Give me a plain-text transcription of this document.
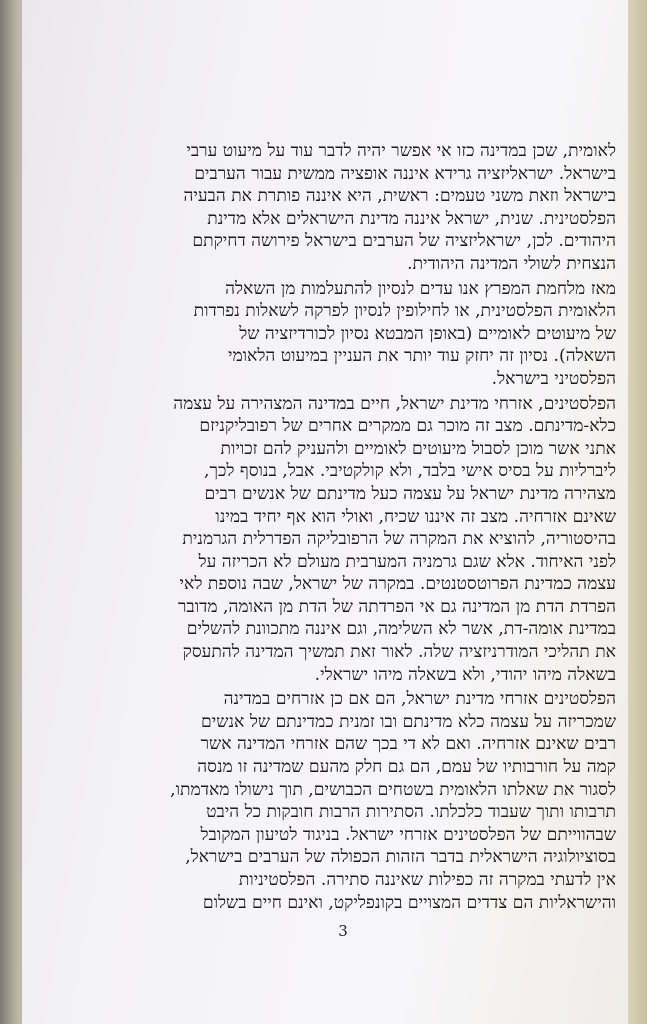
לאומית, שכן במדינה כזו אי אפשר יהיה לדבר עוד על מיעוט ערבי
בישראל. ישראליזציה גרידא איננה אופציה ממשית עבור הערבים
בישראל וזאת משני טעמים: ראשית, היא איננה פותרת את הבעיה
הפלסטינית. שנית, ישראל איננה מדינת הישראלים אלא מדינת
היהודים. לכן, ישראליזציה של הערבים בישראל פירושה דחיקתם
הנצחית לשולי המדינה היהודית.
מאז מלחמת המפרץ אנו עדים לנסיון להתעלמות מן השאלה
הלאומית הפלסטינית, או לחילופין לנסיון לפרקה לשאלות נפרדות
של מיעוטים לאומיים (באופן המבטא נסיון לכורדיזציה של
השאלה). נסיון זה יחזק עוד יותר את העניין במיעוט הלאומי
הפלסטיני בישראל.
הפלסטינים, אזרחי מדינת ישראל, חיים במדינה המצהירה על עצמה
כלא-מדינתם. מצב זה מוכר גם ממקרים אחרים של רפובליקניזם
אתני אשר מוכן לסבול מיעוטים לאומיים ולהעניק להם זכויות
ליברליות על בסיס אישי בלבד, ולא קולקטיבי. אבל, בנוסף לכך,
מצהירה מדינת ישראל על עצמה כעל מדינתם של אנשים רבים
שאינם אזרחיה. מצב זה איננו שכיח, ואולי הוא אף יחיד במינו
בהיסטוריה, להוציא את המקרה של הרפובליקה הפדרלית הגרמנית
לפני האיחוד. אלא שגם גרמניה המערבית מעולם לא הכריזה על
עצמה כמדינת הפרוטסטנטים. במקרה של ישראל, שבה נוספת לאי
הפרדת הדת מן המדינה גם אי הפרדתה של הדת מן האומה, מדובר
במדינת אומה-דת, אשר לא השלימה, וגם איננה מתכוונת להשלים
את תהליכי המודרניזציה שלה. לאור זאת תמשיך המדינה להתעסק
בשאלה מיהו יהודי, ולא בשאלה מיהו ישראלי.
הפלסטינים אזרחי מדינת ישראל, הם אם כן אזרחים במדינה
שמכריזה על עצמה כלא מדינתם ובו זמנית כמדינתם של אנשים
רבים שאינם אזרחיה. ואם לא די בכך שהם אזרחי המדינה אשר
קמה על חורבותיו של עמם, הם גם חלק מהעם שמדינה זו מנסה
לסגור את שאלתו הלאומית בשטחים הכבושים, תוך נישולו מאדמתו,
תרבותו ותוך שעבוד כלכלתו. הסתירות הרבות חובקות כל היבט
שבהווייתם של הפלסטינים אזרחי ישראל. בניגוד לטיעון המקובל
בסוציולוגיה הישראלית בדבר הזהות הכפולה של הערבים בישראל,
אין לדעתי במקרה זה כפילות שאיננה סתירה. הפלסטיניות
והישראליות הם צדדים המצויים בקונפליקט, ואינם חיים בשלום
3
